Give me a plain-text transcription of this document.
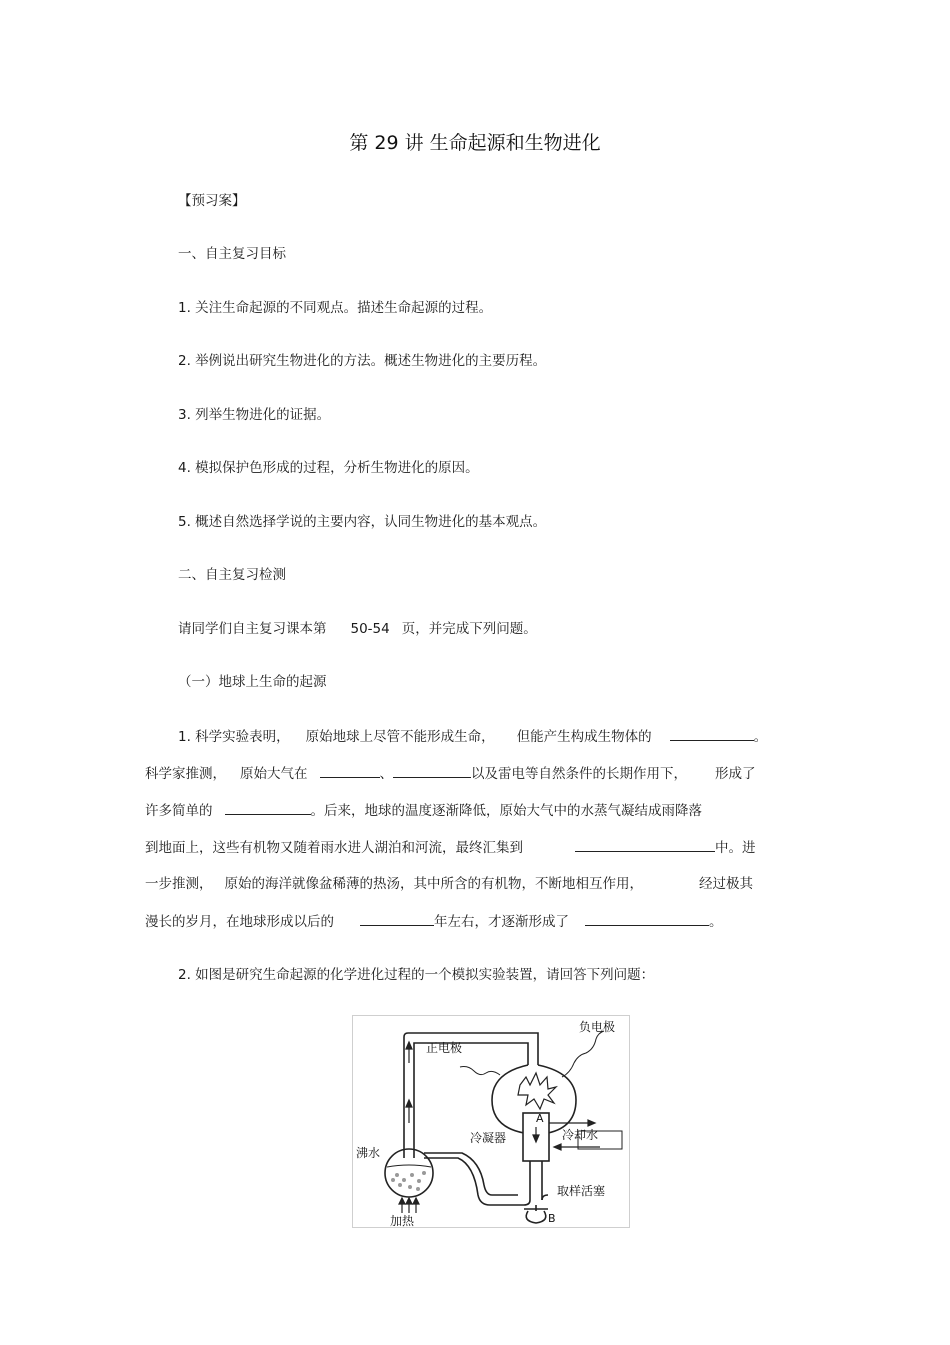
第 29 讲 生命起源和生物进化
【预习案】
一、自主复习目标
1. 关注生命起源的不同观点。描述生命起源的过程。
2. 举例说出研究生物进化的方法。概述生物进化的主要历程。
3. 列举生物进化的证据。
4. 模拟保护色形成的过程，分析生物进化的原因。
5. 概述自然选择学说的主要内容，认同生物进化的基本观点。
二、自主复习检测
请同学们自主复习课本第 50-54 页，并完成下列问题。
（一）地球上生命的起源
1. 科学实验表明， 原始地球上尽管不能形成生命， 但能产生构成生物体的	。
科学家推测， 原始大气在	、	以及雷电等自然条件的长期作用下， 形成了
许多简单的	。后来，地球的温度逐渐降低，原始大气中的水蒸气凝结成雨降落
到地面上，这些有机物又随着雨水进人湖泊和河流，最终汇集到	中。进
一步推测， 原始的海洋就像盆稀薄的热汤，其中所含的有机物，不断地相互作用，	经过极其
漫长的岁月，在地球形成以后的	年左右，才逐渐形成了	。
2. 如图是研究生命起源的化学进化过程的一个模拟实验装置，请回答下列问题：
负电极
正电极
A
冷凝器	冷却水
沸水
取样活塞
加热	B
